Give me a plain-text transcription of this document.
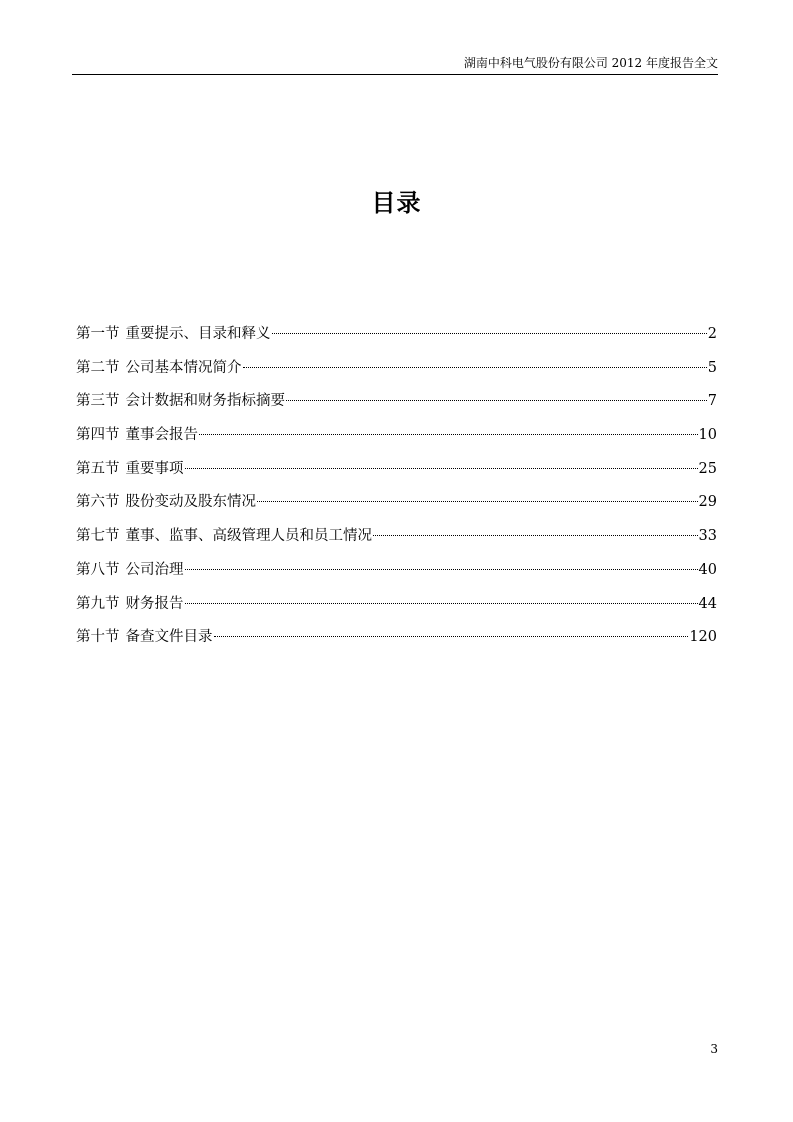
湖南中科电气股份有限公司 2012 年度报告全文
目录
第一节 重要提示、目录和释义	2
第二节 公司基本情况简介	5
第三节 会计数据和财务指标摘要	7
第四节 董事会报告	10
第五节 重要事项	25
第六节 股份变动及股东情况	29
第七节 董事、监事、高级管理人员和员工情况	33
第八节 公司治理	40
第九节 财务报告	44
第十节 备查文件目录	120
3
